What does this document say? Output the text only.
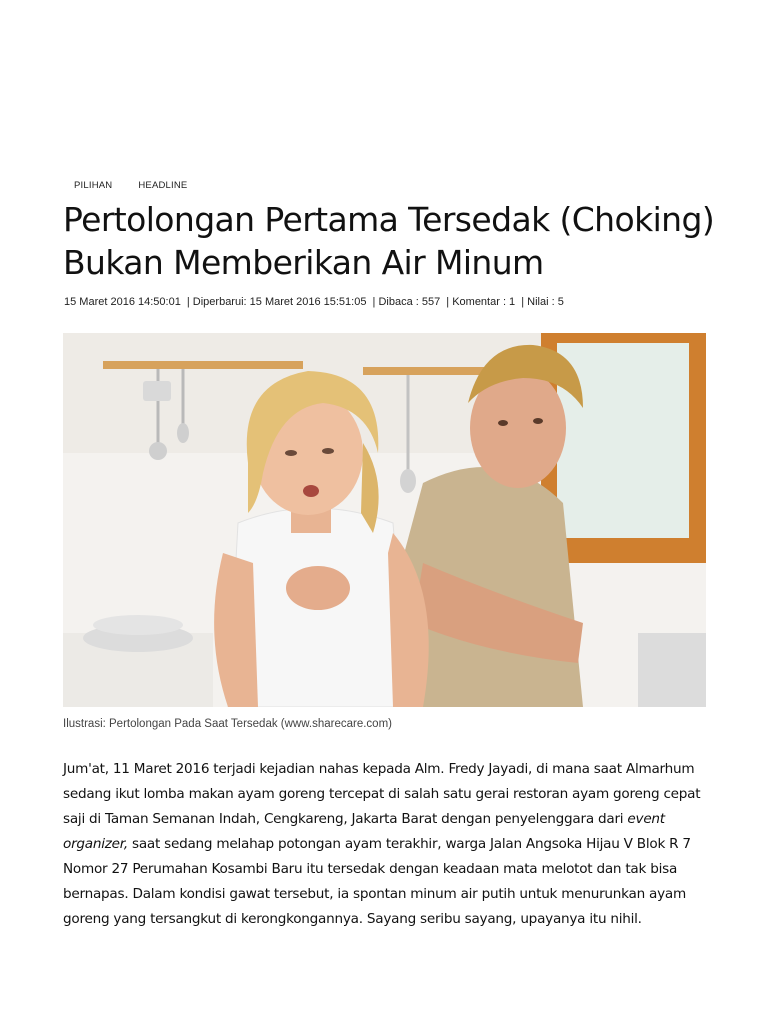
PILIHAN	HEADLINE
Pertolongan Pertama Tersedak (Choking) Bukan Memberikan Air Minum
15 Maret 2016 14:50:01 | Diperbarui: 15 Maret 2016 15:51:05 | Dibaca : 557 | Komentar : 1 | Nilai : 5
Ilustrasi: Pertolongan Pada Saat Tersedak (www.sharecare.com)

Jum'at, 11 Maret 2016 terjadi kejadian nahas kepada Alm. Fredy Jayadi, di mana saat Almarhum sedang ikut lomba makan ayam goreng tercepat di salah satu gerai restoran ayam goreng cepat saji di Taman Semanan Indah, Cengkareng, Jakarta Barat dengan penyelenggara dari event organizer, saat sedang melahap potongan ayam terakhir, warga Jalan Angsoka Hijau V Blok R 7 Nomor 27 Perumahan Kosambi Baru itu tersedak dengan keadaan mata melotot dan tak bisa bernapas. Dalam kondisi gawat tersebut, ia spontan minum air putih untuk menurunkan ayam goreng yang tersangkut di kerongkongannya. Sayang seribu sayang, upayanya itu nihil.
